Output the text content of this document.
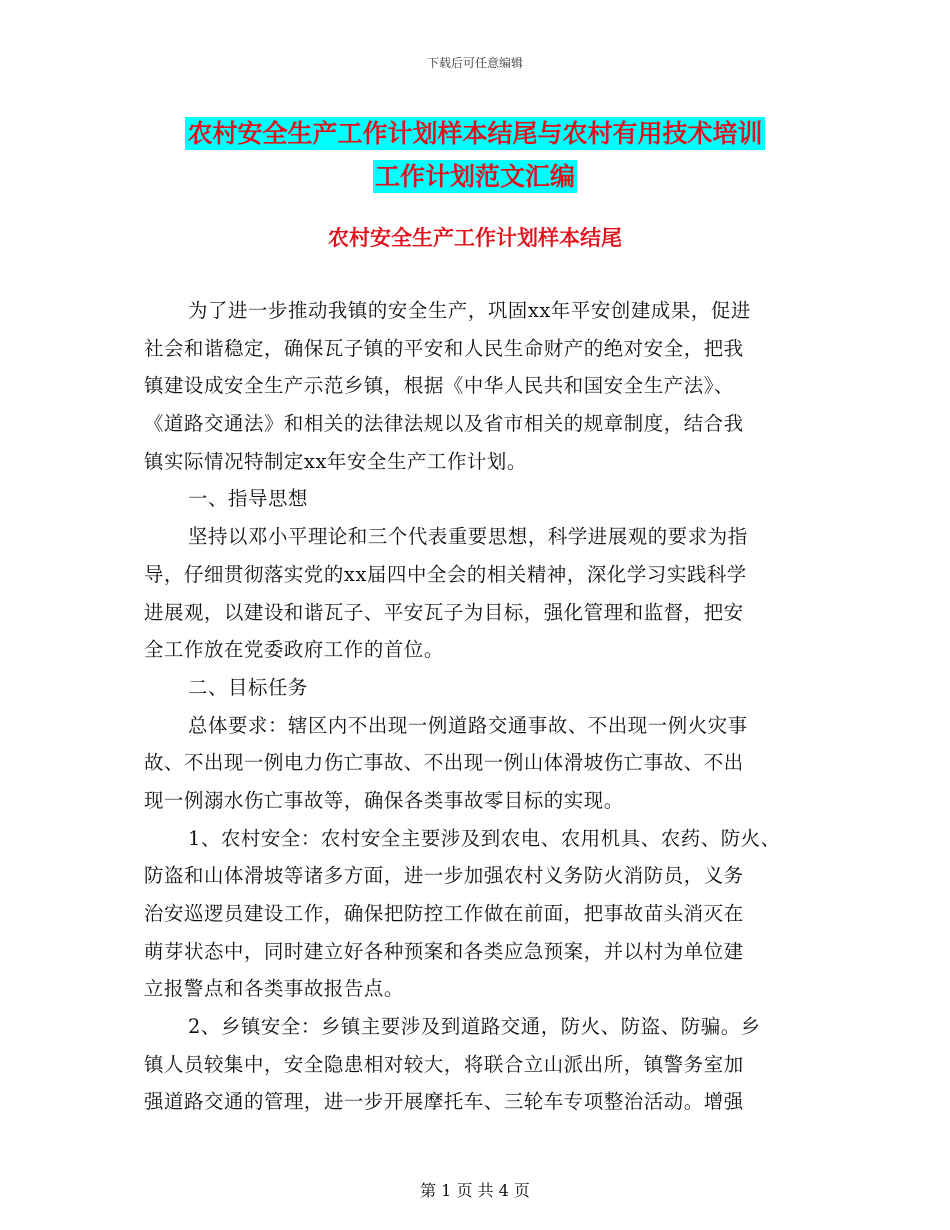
下载后可任意编辑
农村安全生产工作计划样本结尾与农村有用技术培训
工作计划范文汇编
农村安全生产工作计划样本结尾
为了进一步推动我镇的安全生产，巩固xx年平安创建成果，促进
社会和谐稳定，确保瓦子镇的平安和人民生命财产的绝对安全，把我
镇建设成安全生产示范乡镇，根据《中华人民共和国安全生产法》、
《道路交通法》和相关的法律法规以及省市相关的规章制度，结合我
镇实际情况特制定xx年安全生产工作计划。
一、指导思想
坚持以邓小平理论和三个代表重要思想，科学进展观的要求为指
导，仔细贯彻落实党的xx届四中全会的相关精神，深化学习实践科学
进展观，以建设和谐瓦子、平安瓦子为目标，强化管理和监督，把安
全工作放在党委政府工作的首位。
二、目标任务
总体要求：辖区内不出现一例道路交通事故、不出现一例火灾事
故、不出现一例电力伤亡事故、不出现一例山体滑坡伤亡事故、不出
现一例溺水伤亡事故等，确保各类事故零目标的实现。
1、农村安全：农村安全主要涉及到农电、农用机具、农药、防火、
防盗和山体滑坡等诸多方面，进一步加强农村义务防火消防员，义务
治安巡逻员建设工作，确保把防控工作做在前面，把事故苗头消灭在
萌芽状态中，同时建立好各种预案和各类应急预案，并以村为单位建
立报警点和各类事故报告点。
2、乡镇安全：乡镇主要涉及到道路交通，防火、防盗、防骗。乡
镇人员较集中，安全隐患相对较大，将联合立山派出所，镇警务室加
强道路交通的管理，进一步开展摩托车、三轮车专项整治活动。增强
第 1 页 共 4 页
